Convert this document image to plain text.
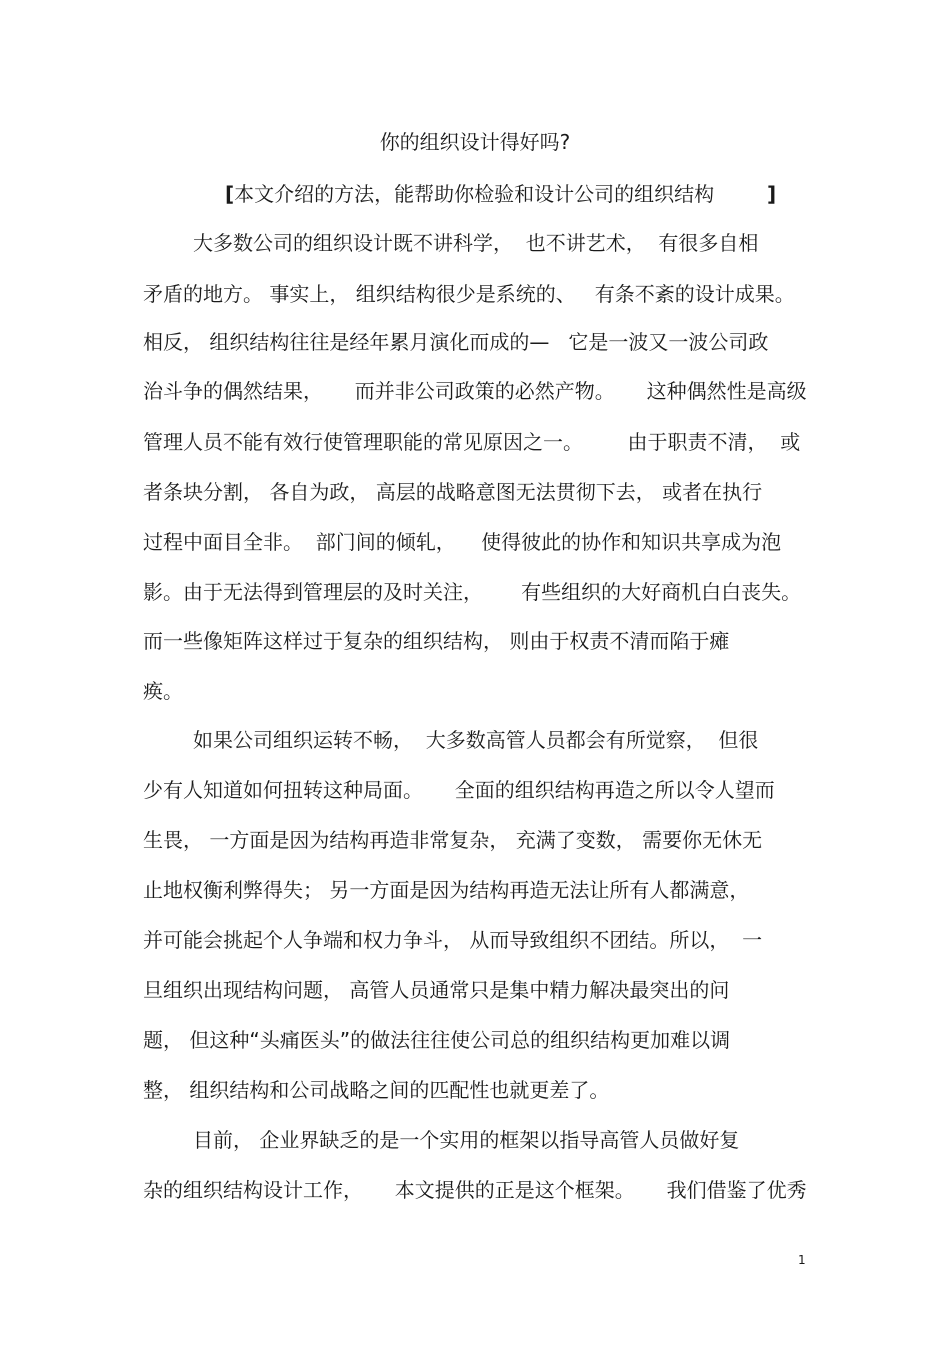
你的组织设计得好吗?
[本文介绍的方法，能帮助你检验和设计公司的组织结构	]
大多数公司的组织设计既不讲科学，  也不讲艺术，  有很多自相
矛盾的地方。 事实上， 组织结构很少是系统的、   有条不紊的设计成果。
相反， 组织结构往往是经年累月演化而成的—   它是一波又一波公司政
治斗争的偶然结果，     而并非公司政策的必然产物。     这种偶然性是高级
管理人员不能有效行使管理职能的常见原因之一。       由于职责不清，  或
者条块分割， 各自为政， 高层的战略意图无法贯彻下去， 或者在执行
过程中面目全非。  部门间的倾轧，    使得彼此的协作和知识共享成为泡
影。由于无法得到管理层的及时关注，      有些组织的大好商机白白丧失。
而一些像矩阵这样过于复杂的组织结构， 则由于权责不清而陷于瘫
痪。
如果公司组织运转不畅，  大多数高管人员都会有所觉察，  但很
少有人知道如何扭转这种局面。     全面的组织结构再造之所以令人望而
生畏， 一方面是因为结构再造非常复杂， 充满了变数， 需要你无休无
止地权衡利弊得失； 另一方面是因为结构再造无法让所有人都满意，
并可能会挑起个人争端和权力争斗， 从而导致组织不团结。所以，  一
旦组织出现结构问题， 高管人员通常只是集中精力解决最突出的问
题， 但这种“头痛医头”的做法往往使公司总的组织结构更加难以调
整， 组织结构和公司战略之间的匹配性也就更差了。
目前， 企业界缺乏的是一个实用的框架以指导高管人员做好复
杂的组织结构设计工作，     本文提供的正是这个框架。     我们借鉴了优秀
1
